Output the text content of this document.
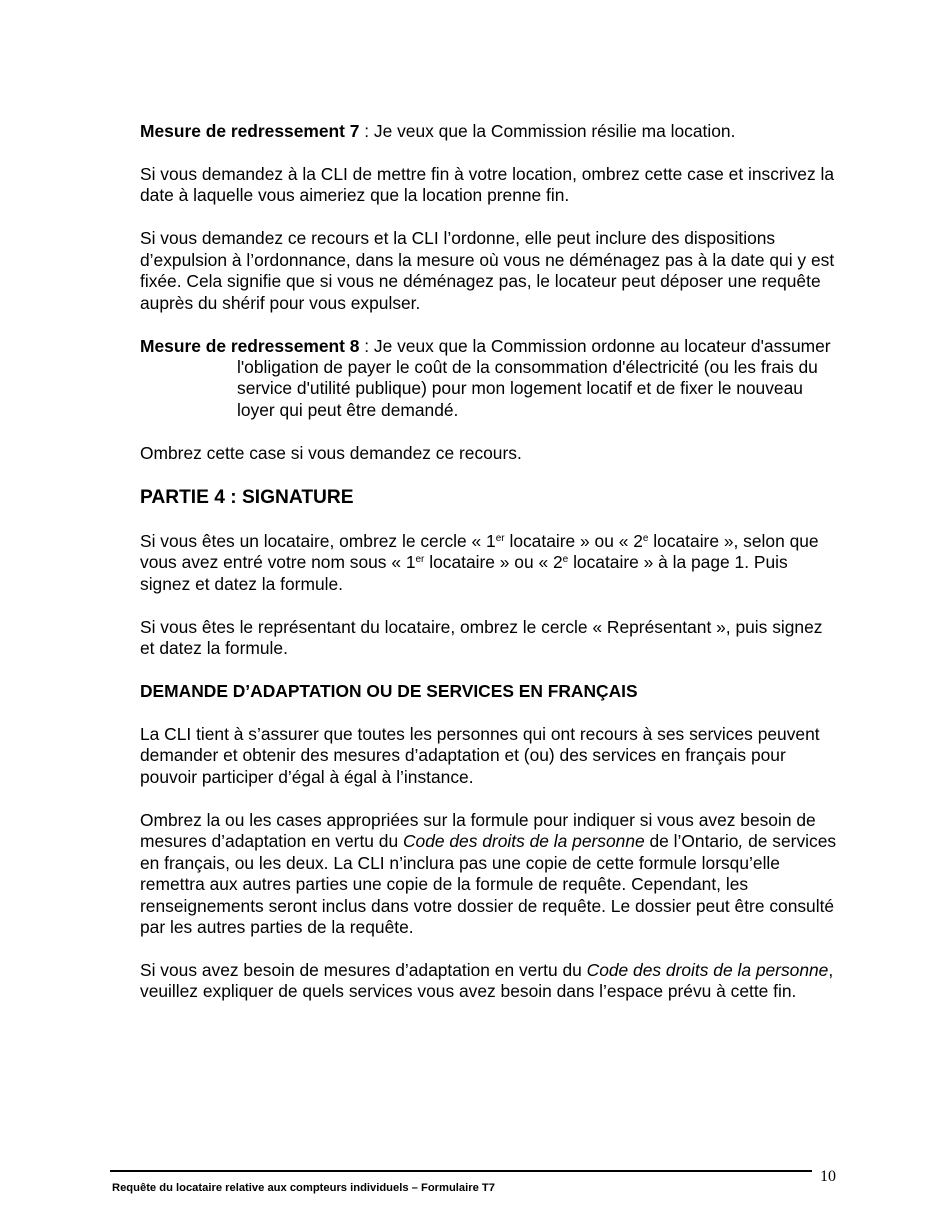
Mesure de redressement 7 : Je veux que la Commission résilie ma location.

Si vous demandez à la CLI de mettre fin à votre location, ombrez cette case et inscrivez la date à laquelle vous aimeriez que la location prenne fin.

Si vous demandez ce recours et la CLI l’ordonne, elle peut inclure des dispositions d’expulsion à l’ordonnance, dans la mesure où vous ne déménagez pas à la date qui y est fixée. Cela signifie que si vous ne déménagez pas, le locateur peut déposer une requête auprès du shérif pour vous expulser.

Mesure de redressement 8 : Je veux que la Commission ordonne au locateur d'assumer l'obligation de payer le coût de la consommation d'électricité (ou les frais du service d'utilité publique) pour mon logement locatif et de fixer le nouveau loyer qui peut être demandé.

Ombrez cette case si vous demandez ce recours.

PARTIE 4 : SIGNATURE

Si vous êtes un locataire, ombrez le cercle « 1er locataire » ou « 2e locataire », selon que vous avez entré votre nom sous « 1er locataire » ou « 2e locataire » à la page 1. Puis signez et datez la formule.

Si vous êtes le représentant du locataire, ombrez le cercle « Représentant », puis signez et datez la formule.

DEMANDE D’ADAPTATION OU DE SERVICES EN FRANÇAIS

La CLI tient à s’assurer que toutes les personnes qui ont recours à ses services peuvent demander et obtenir des mesures d’adaptation et (ou) des services en français pour pouvoir participer d’égal à égal à l’instance.

Ombrez la ou les cases appropriées sur la formule pour indiquer si vous avez besoin de mesures d’adaptation en vertu du Code des droits de la personne de l’Ontario, de services en français, ou les deux. La CLI n’inclura pas une copie de cette formule lorsqu’elle remettra aux autres parties une copie de la formule de requête. Cependant, les renseignements seront inclus dans votre dossier de requête. Le dossier peut être consulté par les autres parties de la requête.

Si vous avez besoin de mesures d’adaptation en vertu du Code des droits de la personne, veuillez expliquer de quels services vous avez besoin dans l’espace prévu à cette fin.

Requête du locataire relative aux compteurs individuels – Formulaire T7
10
